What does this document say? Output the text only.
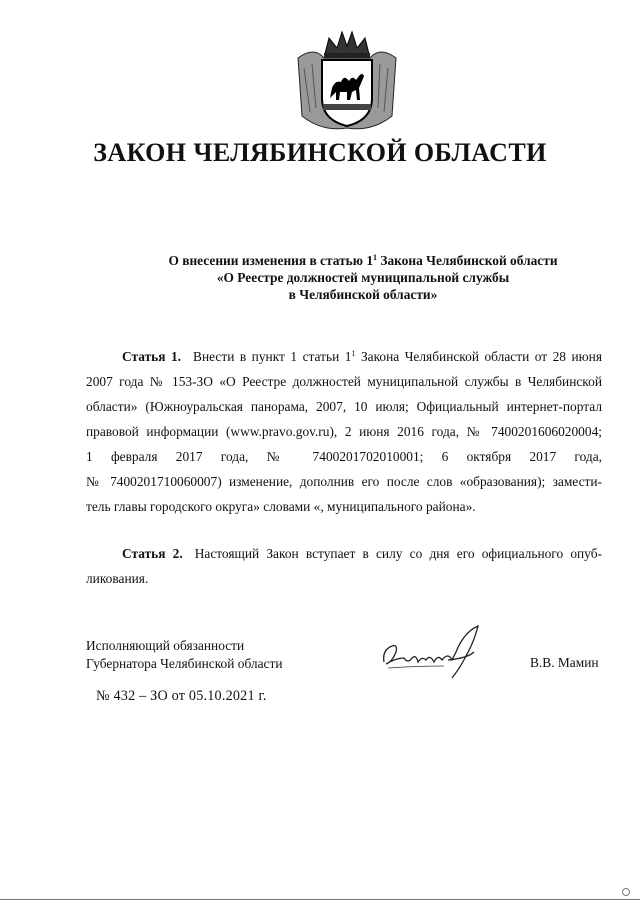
ЗАКОН ЧЕЛЯБИНСКОЙ ОБЛАСТИ
О внесении изменения в статью $1^1$ Закона Челябинской области
«О Реестре должностей муниципальной службы
в Челябинской области»
Статья 1. Внести в пункт 1 статьи $1^1$ Закона Челябинской области от 28 июня
2007 года № 153-ЗО «О Реестре должностей муниципальной службы в Челябинской
области» (Южноуральская панорама, 2007, 10 июля; Официальный интернет-портал
правовой информации (www.pravo.gov.ru), 2 июня 2016 года, № 7400201606020004;
1 февраля 2017 года, № 7400201702010001; 6 октября 2017 года,
№ 7400201710060007) изменение, дополнив его после слов «образования); замести-
тель главы городского округа» словами «, муниципального района».
Статья 2. Настоящий Закон вступает в силу со дня его официального опуб-
ликования.
Исполняющий обязанности
Губернатора Челябинской области	В.В. Мамин
№ 432 – ЗО от 05.10.2021 г.
